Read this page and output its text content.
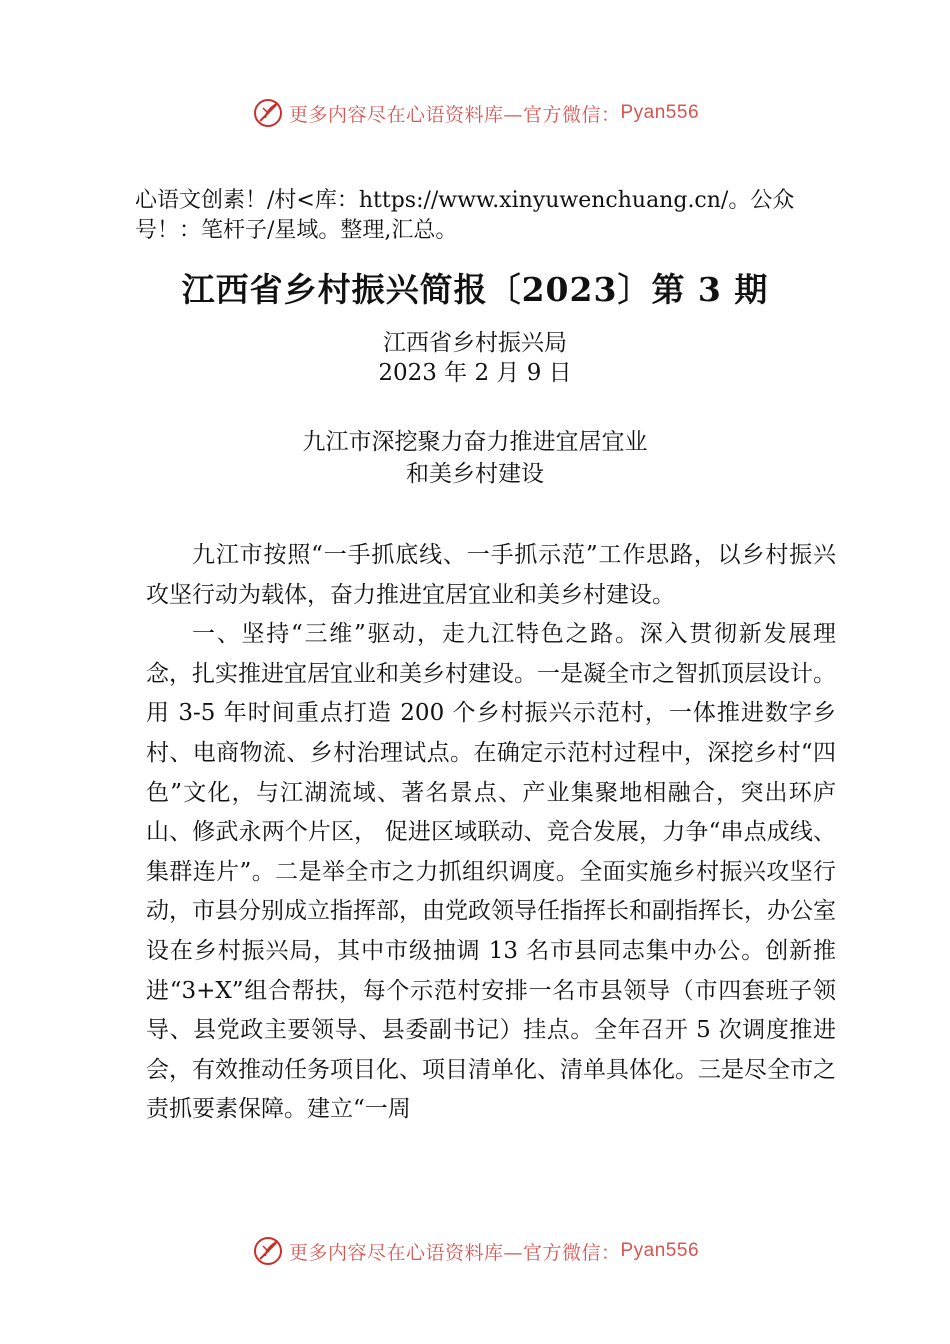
更多内容尽在心语资料库—官方微信： Pyan556
心语文创素！/村<库：https://www.xinyuwenchuang.cn/。公众号！：笔杆子/星域。整理,汇总。
江西省乡村振兴简报〔2023〕第 3 期
江西省乡村振兴局
2023 年 2 月 9 日
九江市深挖聚力奋力推进宜居宜业
和美乡村建设

九江市按照“一手抓底线、一手抓示范”工作思路，以乡村振兴攻坚行动为载体，奋力推进宜居宜业和美乡村建设。

一、坚持“三维”驱动，走九江特色之路。深入贯彻新发展理念，扎实推进宜居宜业和美乡村建设。一是凝全市之智抓顶层设计。用 3-5 年时间重点打造 200 个乡村振兴示范村，一体推进数字乡村、电商物流、乡村治理试点。在确定示范村过程中，深挖乡村“四色”文化，与江湖流域、著名景点、产业集聚地相融合，突出环庐山、修武永两个片区， 促进区域联动、竞合发展，力争“串点成线、集群连片”。二是举全市之力抓组织调度。全面实施乡村振兴攻坚行动，市县分别成立指挥部，由党政领导任指挥长和副指挥长，办公室设在乡村振兴局，其中市级抽调 13 名市县同志集中办公。创新推进“3+X”组合帮扶，每个示范村安排一名市县领导（市四套班子领导、县党政主要领导、县委副书记）挂点。全年召开 5 次调度推进会，有效推动任务项目化、项目清单化、清单具体化。三是尽全市之责抓要素保障。建立“一周

更多内容尽在心语资料库—官方微信： Pyan556
